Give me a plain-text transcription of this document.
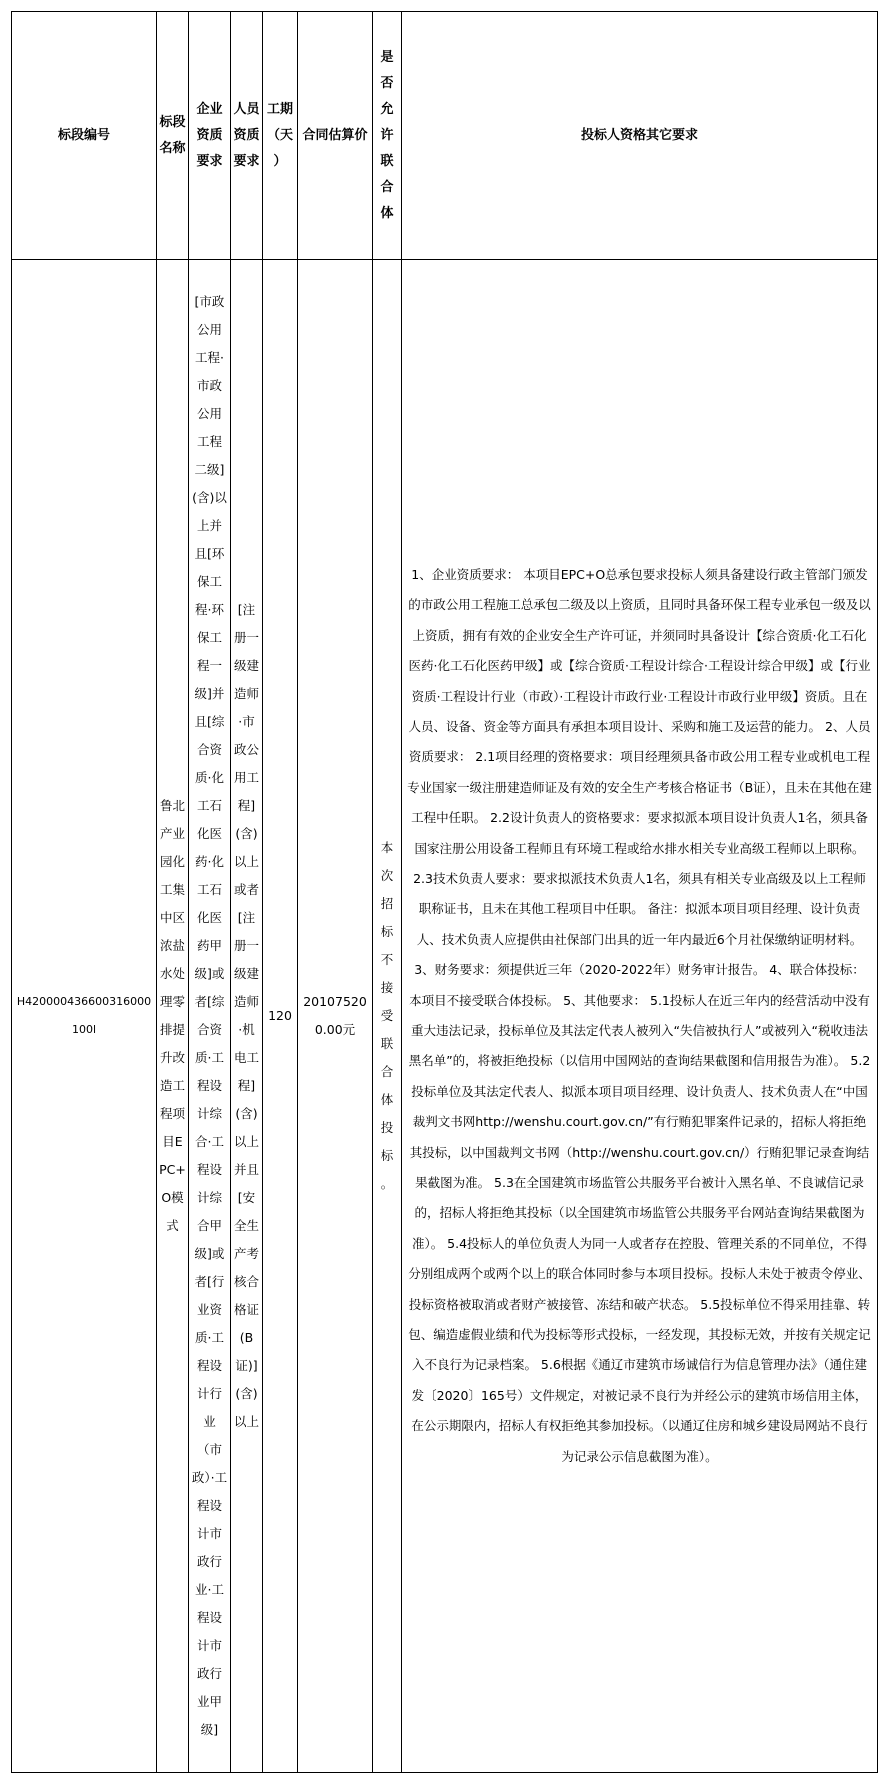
标段编号	标段名称	企业资质要求	人员资质要求	工期（天）	合同估算价	是否允许联合体	投标人资格其它要求
H420000436600316000100l	鲁北产业园化工集中区浓盐水处理零排提升改造工程项目EPC+O模式	[市政公用工程·市政公用工程二级](含)以上并且[环保工程·环保工程一级]并且[综合资质·化工石化医药·化工石化医药甲级]或者[综合资质·工程设计综合·工程设计综合甲级]或者[行业资质·工程设计行业（市政）·工程设计市政行业·工程设计市政行业甲级]	[注册一级建造师·市政公用工程](含)以上或者[注册一级建造师·机电工程](含)以上并且[安全生产考核合格证(B证)](含)以上	120	201075200.00元	本次招标不接受联合体投标。	1、企业资质要求： 本项目EPC+O总承包要求投标人须具备建设行政主管部门颁发的市政公用工程施工总承包二级及以上资质，且同时具备环保工程专业承包一级及以上资质，拥有有效的企业安全生产许可证，并须同时具备设计【综合资质·化工石化医药·化工石化医药甲级】或【综合资质·工程设计综合·工程设计综合甲级】或【行业资质·工程设计行业（市政）·工程设计市政行业·工程设计市政行业甲级】资质。且在人员、设备、资金等方面具有承担本项目设计、采购和施工及运营的能力。 2、人员资质要求： 2.1项目经理的资格要求：项目经理须具备市政公用工程专业或机电工程专业国家一级注册建造师证及有效的安全生产考核合格证书（B证），且未在其他在建工程中任职。 2.2设计负责人的资格要求：要求拟派本项目设计负责人1名，须具备国家注册公用设备工程师且有环境工程或给水排水相关专业高级工程师以上职称。 2.3技术负责人要求：要求拟派技术负责人1名，须具有相关专业高级及以上工程师职称证书，且未在其他工程项目中任职。 备注：拟派本项目项目经理、设计负责人、技术负责人应提供由社保部门出具的近一年内最近6个月社保缴纳证明材料。 3、财务要求：须提供近三年（2020-2022年）财务审计报告。 4、联合体投标： 本项目不接受联合体投标。 5、其他要求： 5.1投标人在近三年内的经营活动中没有重大违法记录，投标单位及其法定代表人被列入“失信被执行人”或被列入“税收违法黑名单”的，将被拒绝投标（以信用中国网站的查询结果截图和信用报告为准）。 5.2投标单位及其法定代表人、拟派本项目项目经理、设计负责人、技术负责人在“中国裁判文书网http://wenshu.court.gov.cn/”有行贿犯罪案件记录的，招标人将拒绝其投标，以中国裁判文书网（http://wenshu.court.gov.cn/）行贿犯罪记录查询结果截图为准。 5.3在全国建筑市场监管公共服务平台被计入黑名单、不良诚信记录的，招标人将拒绝其投标（以全国建筑市场监管公共服务平台网站查询结果截图为准）。 5.4投标人的单位负责人为同一人或者存在控股、管理关系的不同单位，不得分别组成两个或两个以上的联合体同时参与本项目投标。投标人未处于被责令停业、投标资格被取消或者财产被接管、冻结和破产状态。 5.5投标单位不得采用挂靠、转包、编造虚假业绩和代为投标等形式投标，一经发现，其投标无效，并按有关规定记入不良行为记录档案。 5.6根据《通辽市建筑市场诚信行为信息管理办法》（通住建发〔2020〕165号）文件规定，对被记录不良行为并经公示的建筑市场信用主体，在公示期限内，招标人有权拒绝其参加投标。（以通辽住房和城乡建设局网站不良行为记录公示信息截图为准）。
